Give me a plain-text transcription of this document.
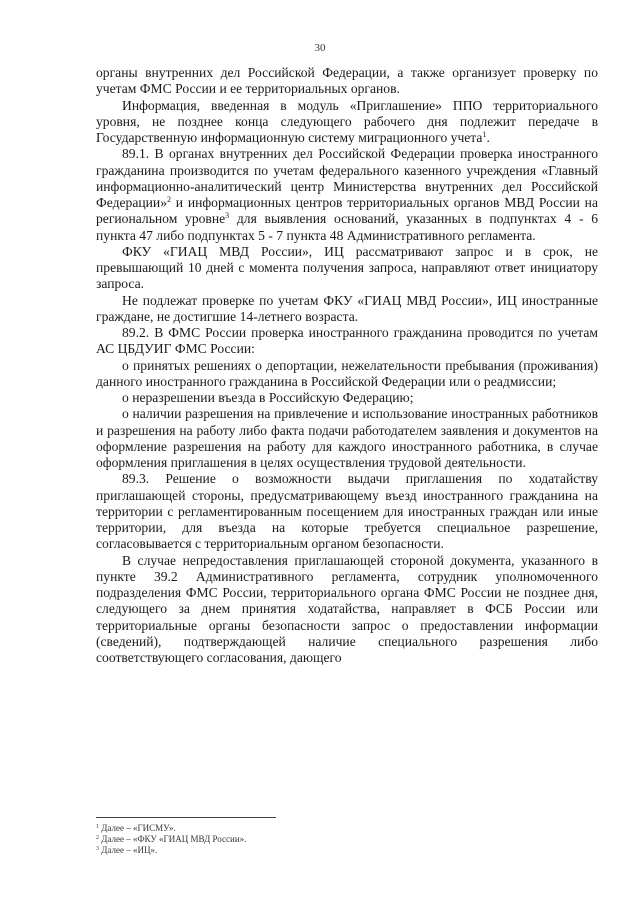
30

органы внутренних дел Российской Федерации, а также организует проверку по учетам ФМС России и ее территориальных органов.

Информация, введенная в модуль «Приглашение» ППО территориального уровня, не позднее конца следующего рабочего дня подлежит передаче в Государственную информационную систему миграционного учета$^1$.

89.1. В органах внутренних дел Российской Федерации проверка иностранного гражданина производится по учетам федерального казенного учреждения «Главный информационно-аналитический центр Министерства внутренних дел Российской Федерации»$^2$ и информационных центров территориальных органов МВД России на региональном уровне$^3$ для выявления оснований, указанных в подпунктах 4 - 6 пункта 47 либо подпунктах 5 - 7 пункта 48 Административного регламента.

ФКУ «ГИАЦ МВД России», ИЦ рассматривают запрос и в срок, не превышающий 10 дней с момента получения запроса, направляют ответ инициатору запроса.

Не подлежат проверке по учетам ФКУ «ГИАЦ МВД России», ИЦ иностранные граждане, не достигшие 14-летнего возраста.

89.2. В ФМС России проверка иностранного гражданина проводится по учетам АС ЦБДУИГ ФМС России:

о принятых решениях о депортации, нежелательности пребывания (проживания) данного иностранного гражданина в Российской Федерации или о реадмиссии;

о неразрешении въезда в Российскую Федерацию;

о наличии разрешения на привлечение и использование иностранных работников и разрешения на работу либо факта подачи работодателем заявления и документов на оформление разрешения на работу для каждого иностранного работника, в случае оформления приглашения в целях осуществления трудовой деятельности.

89.3. Решение о возможности выдачи приглашения по ходатайству приглашающей стороны, предусматривающему въезд иностранного гражданина на территории с регламентированным посещением для иностранных граждан или иные территории, для въезда на которые требуется специальное разрешение, согласовывается с территориальным органом безопасности.

В случае непредоставления приглашающей стороной документа, указанного в пункте 39.2 Административного регламента, сотрудник уполномоченного подразделения ФМС России, территориального органа ФМС России не позднее дня, следующего за днем принятия ходатайства, направляет в ФСБ России или территориальные органы безопасности запрос о предоставлении информации (сведений), подтверждающей наличие специального разрешения либо соответствующего согласования, дающего

$^1$ Далее – «ГИСМУ».
$^2$ Далее – «ФКУ «ГИАЦ МВД России».
$^3$ Далее – «ИЦ».
